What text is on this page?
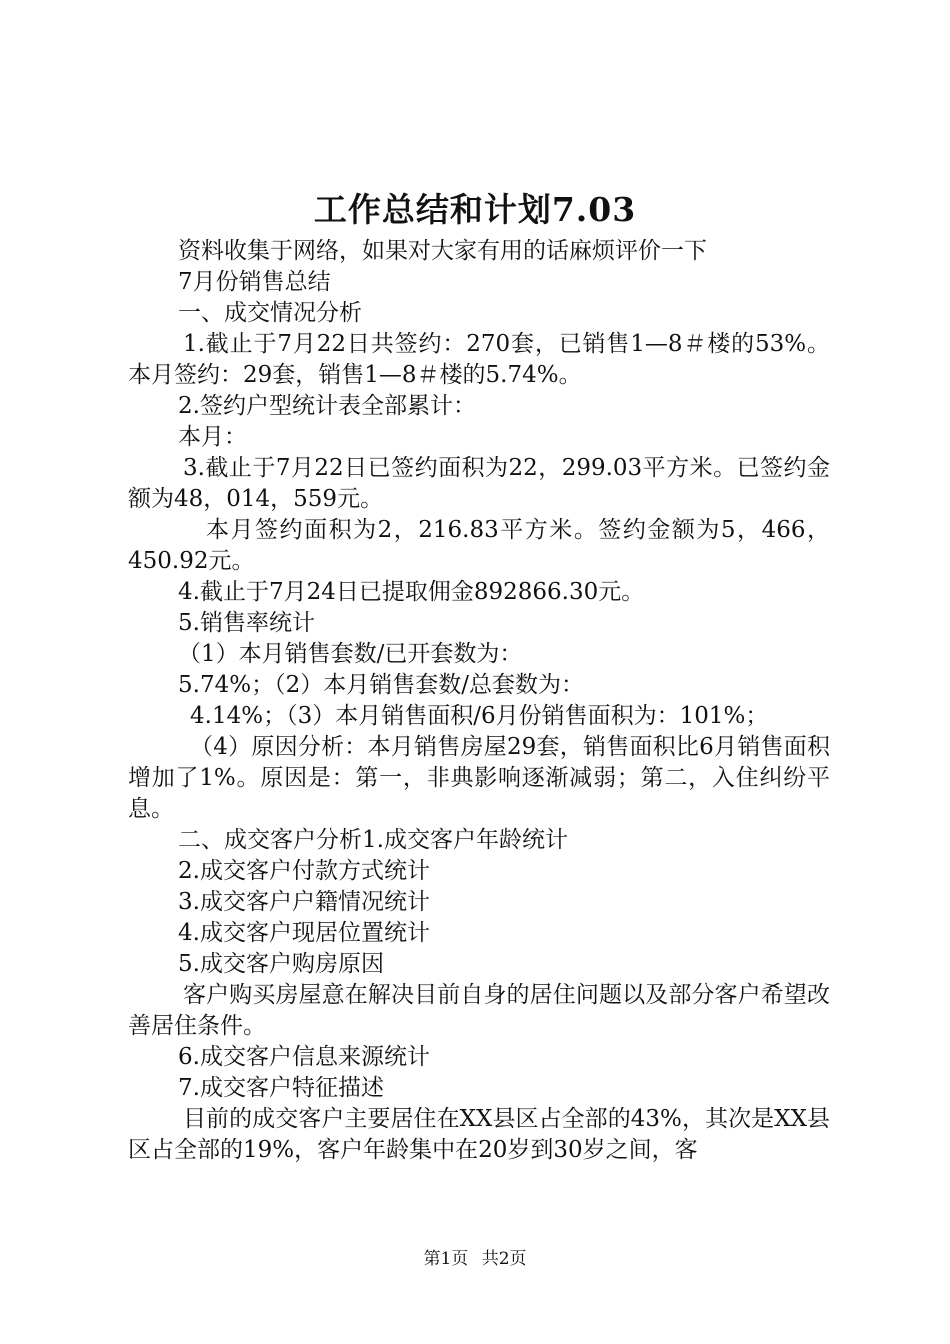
工作总结和计划7.03

资料收集于网络，如果对大家有用的话麻烦评价一下

7月份销售总结

一、成交情况分析

1.截止于7月22日共签约：270套，已销售1—8＃楼的53%。本月签约：29套，销售1—8＃楼的5.74%。

2.签约户型统计表全部累计：

本月：

3.截止于7月22日已签约面积为22，299.03平方米。已签约金额为48，014，559元。

本月签约面积为2，216.83平方米。签约金额为5，466，450.92元。

4.截止于7月24日已提取佣金892866.30元。

5.销售率统计

（1）本月销售套数/已开套数为：

5.74%；（2）本月销售套数/总套数为：

4.14%；（3）本月销售面积/6月份销售面积为：101%；

（4）原因分析：本月销售房屋29套，销售面积比6月销售面积增加了1%。原因是：第一，非典影响逐渐减弱；第二，入住纠纷平息。

二、成交客户分析1.成交客户年龄统计

2.成交客户付款方式统计

3.成交客户户籍情况统计

4.成交客户现居位置统计

5.成交客户购房原因

客户购买房屋意在解决目前自身的居住问题以及部分客户希望改善居住条件。

6.成交客户信息来源统计

7.成交客户特征描述

目前的成交客户主要居住在XX县区占全部的43%，其次是XX县区占全部的19%，客户年龄集中在20岁到30岁之间，客

第1页 共2页
